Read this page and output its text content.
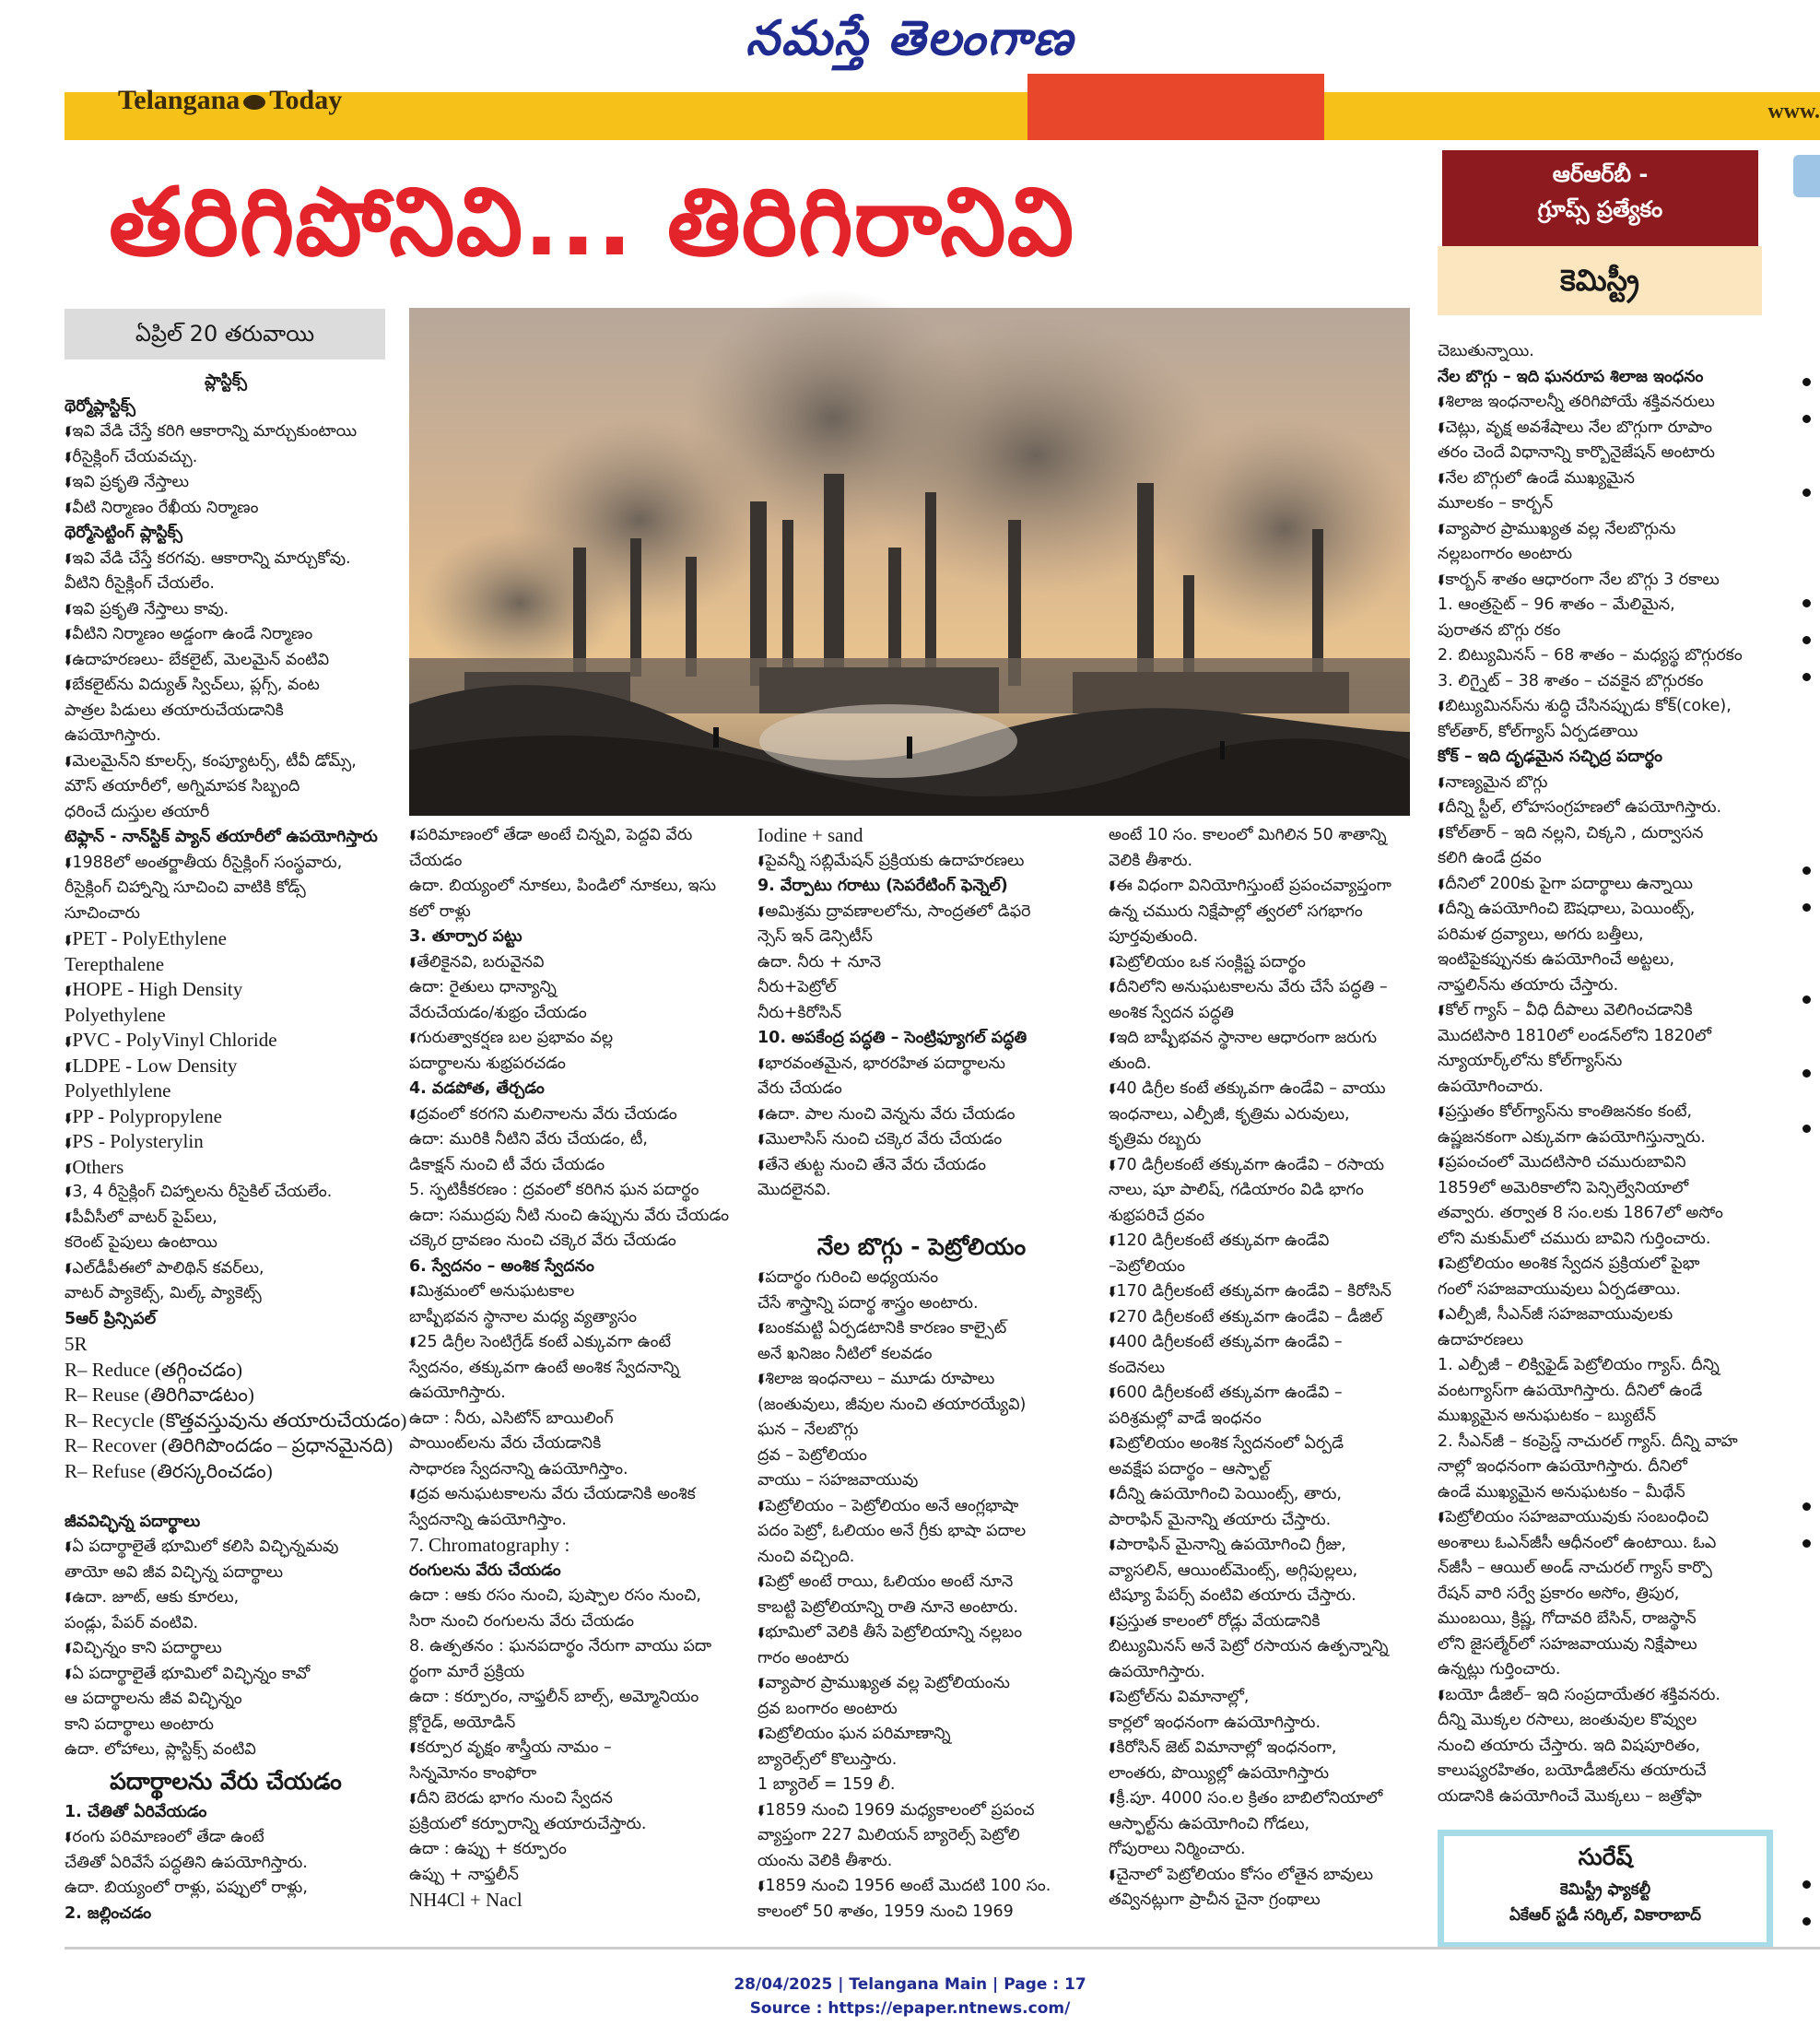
నమస్తే తెలంగాణ
Telangana Today	www.
తరిగిపోనివి... తిరిగిరానివి	ఆర్‌ఆర్‌బీ -
గ్రూప్స్ ప్రత్యేకం
కెమిస్ట్రీ
ఏప్రిల్ 20 తరువాయి
ప్లాస్టిక్స్
థెర్మోప్లాస్టిక్స్
⮮ ఇవి వేడి చేస్తే కరిగి ఆకారాన్ని మార్చుకుంటాయి
⮮ రీసైక్లింగ్ చేయవచ్చు.
⮮ ఇవి ప్రకృతి నేస్తాలు
⮮ వీటి నిర్మాణం రేఖీయ నిర్మాణం
థెర్మోసెట్టింగ్ ప్లాస్టిక్స్
⮮ ఇవి వేడి చేస్తే కరగవు. ఆకారాన్ని మార్చుకోవు.
వీటిని రీసైక్లింగ్ చేయలేం.
⮮ ఇవి ప్రకృతి నేస్తాలు కావు.
⮮ వీటిని నిర్మాణం అడ్డంగా ఉండే నిర్మాణం
⮮ ఉదాహరణలు- బేకలైట్, మెలమైన్ వంటివి
⮮ బేకలైట్‌ను విద్యుత్ స్విచ్‌లు, ప్లగ్స్, వంట
పాత్రల పిడులు తయారుచేయడానికి
ఉపయోగిస్తారు.
⮮ మెలమైన్‌ని కూలర్స్, కంప్యూటర్స్, టీవీ డోమ్స్,
మౌస్ తయారీలో, అగ్నిమాపక సిబ్బంది
ధరించే దుస్తుల తయారీ
టెఫ్లాన్ - నాన్‌స్టిక్ ప్యాన్ తయారీలో ఉపయోగిస్తారు
⮮ 1988లో అంతర్జాతీయ రీసైక్లింగ్ సంస్థవారు,
రీసైక్లింగ్ చిహ్నాన్ని సూచించి వాటికి కోడ్స్
సూచించారు
⮮ PET - PolyEthylene
Terepthalene
⮮ HOPE - High Density
Polyethylene
⮮ PVC - PolyVinyl Chloride
⮮ LDPE - Low Density
Polyethlylene
⮮ PP - Polypropylene
⮮ PS - Polysterylin
⮮ Others
⮮ 3, 4 రీసైక్లింగ్ చిహ్నాలను రీసైకిల్ చేయలేం.
⮮ పీవీసీలో వాటర్ పైప్‌లు,
కరెంట్ పైపులు ఉంటాయి
⮮ ఎల్‌డీపీఈలో పాలిథిన్ కవర్‌లు,
వాటర్ ప్యాకెట్స్, మిల్క్ ప్యాకెట్స్
5ఆర్ ప్రిన్సిపల్
5R
R– Reduce (తగ్గించడం)
R– Reuse (తిరిగివాడటం)
R– Recycle (కొత్తవస్తువును తయారుచేయడం)
R– Recover (తిరిగిపొందడం – ప్రధానమైనది)
R– Refuse (తిరస్కరించడం)
జీవవిచ్ఛిన్న పదార్థాలు
⮮ ఏ పదార్థాలైతే భూమిలో కలిసి విచ్ఛిన్నమవు
తాయో అవి జీవ విచ్ఛిన్న పదార్థాలు
⮮ ఉదా. జూట్, ఆకు కూరలు,
పండ్లు, పేపర్ వంటివి.
⮮ విచ్ఛిన్నం కాని పదార్థాలు
⮮ ఏ పదార్థాలైతే భూమిలో విచ్ఛిన్నం కావో
ఆ పదార్థాలను జీవ విచ్ఛిన్నం
కాని పదార్థాలు అంటారు
ఉదా. లోహాలు, ప్లాస్టిక్స్ వంటివి
పదార్థాలను వేరు చేయడం
1. చేతితో ఏరివేయడం
⮮ రంగు పరిమాణంలో తేడా ఉంటే
చేతితో ఏరివేసే పద్ధతిని ఉపయోగిస్తారు.
ఉదా. బియ్యంలో రాళ్లు, పప్పులో రాళ్లు,
2. జల్లించడం
⮮ పరిమాణంలో తేడా అంటే చిన్నవి, పెద్దవి వేరు
చేయడం
ఉదా. బియ్యంలో నూకలు, పిండిలో నూకలు, ఇసు
కలో రాళ్లు
3. తూర్పార పట్టు
⮮ తేలికైనవి, బరువైనవి
ఉదా: రైతులు ధాన్యాన్ని
వేరుచేయడం/శుభ్రం చేయడం
⮮ గురుత్వాకర్షణ బల ప్రభావం వల్ల
పదార్థాలను శుభ్రపరచడం
4. వడపోత, తేర్చడం
⮮ ద్రవంలో కరగని మలినాలను వేరు చేయడం
ఉదా: మురికి నీటిని వేరు చేయడం, టీ,
డికాక్షన్ నుంచి టీ వేరు చేయడం
5. స్ఫటికీకరణం : ద్రవంలో కరిగిన ఘన పదార్థం
ఉదా: సముద్రపు నీటి నుంచి ఉప్పును వేరు చేయడం
చక్కెర ద్రావణం నుంచి చక్కెర వేరు చేయడం
6. స్వేదనం – అంశిక స్వేదనం
⮮ మిశ్రమంలో అనుఘటకాల
బాష్పీభవన స్థానాల మధ్య వ్యత్యాసం
⮮ 25 డిగ్రీల సెంటిగ్రేడ్ కంటే ఎక్కువగా ఉంటే
స్వేదనం, తక్కువగా ఉంటే అంశిక స్వేదనాన్ని
ఉపయోగిస్తారు.
ఉదా : నీరు, ఎసిటోన్ బాయిలింగ్
పాయింట్‌లను వేరు చేయడానికి
సాధారణ స్వేదనాన్ని ఉపయోగిస్తాం.
⮮ ద్రవ అనుఘటకాలను వేరు చేయడానికి అంశిక
స్వేదనాన్ని ఉపయోగిస్తాం.
7. Chromatography :
రంగులను వేరు చేయడం
ఉదా : ఆకు రసం నుంచి, పుష్పాల రసం నుంచి,
సిరా నుంచి రంగులను వేరు చేయడం
8. ఉత్పతనం : ఘనపదార్థం నేరుగా వాయు పదా
ర్థంగా మారే ప్రక్రియ
ఉదా : కర్పూరం, నాఫ్తలీన్ బాల్స్, అమ్మోనియం
క్లోరైడ్, అయోడిన్
⮮ కర్పూర వృక్షం శాస్త్రీయ నామం –
సిన్నమోనం కాంఫోరా
⮮ దీని బెరడు భాగం నుంచి స్వేదన
ప్రక్రియలో కర్పూరాన్ని తయారుచేస్తారు.
ఉదా : ఉప్పు + కర్పూరం
ఉప్పు + నాఫ్తలీన్
NH4Cl + Nacl
Iodine + sand
⮮ పైవన్నీ సబ్లిమేషన్ ప్రక్రియకు ఉదాహరణలు
9. వేర్పాటు గరాటు (సెపరేటింగ్ ఫెన్నెల్)
⮮ అమిశ్రమ ద్రావణాలలోను, సాంద్రతలో డిఫరె
న్సెస్ ఇన్ డెన్సిటీస్
ఉదా. నీరు + నూనె
నీరు+పెట్రోల్
నీరు+కిరోసిన్
10. అపకేంద్ర పద్ధతి – సెంట్రిఫ్యూగల్ పద్ధతి
⮮ భారవంతమైన, భారరహిత పదార్థాలను
వేరు చేయడం
⮮ ఉదా. పాల నుంచి వెన్నను వేరు చేయడం
⮮ మొలాసిస్ నుంచి చక్కెర వేరు చేయడం
⮮ తేనె తుట్ట నుంచి తేనె వేరు చేయడం
మొదలైనవి.
నేల బొగ్గు - పెట్రోలియం
⮮ పదార్థం గురించి అధ్యయనం
చేసే శాస్త్రాన్ని పదార్థ శాస్త్రం అంటారు.
⮮ బంకమట్టి ఏర్పడటానికి కారణం కాల్సైట్
అనే ఖనిజం నీటిలో కలవడం
⮮ శిలాజ ఇంధనాలు – మూడు రూపాలు
(జంతువులు, జీవుల నుంచి తయారయ్యేవి)
ఘన – నేలబొగ్గు
ద్రవ – పెట్రోలియం
వాయు – సహజవాయువు
⮮ పెట్రోలియం – పెట్రోలియం అనే ఆంగ్లభాషా
పదం పెట్రో, ఓలియం అనే గ్రీకు భాషా పదాల
నుంచి వచ్చింది.
⮮ పెట్రో అంటే రాయి, ఓలియం అంటే నూనె
కాబట్టి పెట్రోలియాన్ని రాతి నూనె అంటారు.
⮮ భూమిలో వెలికి తీసే పెట్రోలియాన్ని నల్లబం
గారం అంటారు
⮮ వ్యాపార ప్రాముఖ్యత వల్ల పెట్రోలియంను
ద్రవ బంగారం అంటారు
⮮ పెట్రోలియం ఘన పరిమాణాన్ని
బ్యారెల్స్‌లో కొలుస్తారు.
1 బ్యారెల్ = 159 లీ.
⮮ 1859 నుంచి 1969 మధ్యకాలంలో ప్రపంచ
వ్యాప్తంగా 227 మిలియన్ బ్యారెల్స్ పెట్రోలి
యంను వెలికి తీశారు.
⮮ 1859 నుంచి 1956 అంటే మొదటి 100 సం.
కాలంలో 50 శాతం, 1959 నుంచి 1969
అంటే 10 సం. కాలంలో మిగిలిన 50 శాతాన్ని
వెలికి తీశారు.
⮮ ఈ విధంగా వినియోగిస్తుంటే ప్రపంచవ్యాప్తంగా
ఉన్న చమురు నిక్షేపాల్లో త్వరలో సగభాగం
పూర్తవుతుంది.
⮮ పెట్రోలియం ఒక సంక్లిష్ట పదార్థం
⮮ దీనిలోని అనుఘటకాలను వేరు చేసే పద్ధతి –
అంశిక స్వేదన పద్ధతి
⮮ ఇది బాష్పీభవన స్థానాల ఆధారంగా జరుగు
తుంది.
⮮ 40 డిగ్రీల కంటే తక్కువగా ఉండేవి – వాయు
ఇంధనాలు, ఎల్పీజీ, కృత్రిమ ఎరువులు,
కృత్రిమ రబ్బరు
⮮ 70 డిగ్రీలకంటే తక్కువగా ఉండేవి – రసాయ
నాలు, షూ పాలిష్, గడియారం విడి భాగం
శుభ్రపరిచే ద్రవం
⮮ 120 డిగ్రీలకంటే తక్కువగా ఉండేవి
–పెట్రోలియం
⮮ 170 డిగ్రీలకంటే తక్కువగా ఉండేవి – కిరోసిన్
⮮ 270 డిగ్రీలకంటే తక్కువగా ఉండేవి – డీజిల్
⮮ 400 డిగ్రీలకంటే తక్కువగా ఉండేవి –
కందెనలు
⮮ 600 డిగ్రీలకంటే తక్కువగా ఉండేవి –
పరిశ్రమల్లో వాడే ఇంధనం
⮮ పెట్రోలియం అంశిక స్వేదనంలో ఏర్పడే
అవక్షేప పదార్థం – ఆస్ఫాల్ట్
⮮ దీన్ని ఉపయోగించి పెయింట్స్, తారు,
పారాఫిన్ మైనాన్ని తయారు చేస్తారు.
⮮ పారాఫిన్ మైనాన్ని ఉపయోగించి గ్రీజు,
వ్యాసలిన్, ఆయింట్‌మెంట్స్, అగ్గిపుల్లలు,
టిష్యూ పేపర్స్ వంటివి తయారు చేస్తారు.
⮮ ప్రస్తుత కాలంలో రోడ్లు వేయడానికి
బిట్యుమినస్ అనే పెట్రో రసాయన ఉత్పన్నాన్ని
ఉపయోగిస్తారు.
⮮ పెట్రోల్‌ను విమానాల్లో,
కార్లలో ఇంధనంగా ఉపయోగిస్తారు.
⮮ కిరోసిన్ జెట్ విమానాల్లో ఇంధనంగా,
లాంతరు, పొయ్యిల్లో ఉపయోగిస్తారు
⮮ క్రీ.పూ. 4000 సం.ల క్రితం బాబిలోనియాలో
ఆస్ఫాల్ట్‌ను ఉపయోగించి గోడలు,
గోపురాలు నిర్మించారు.
⮮ చైనాలో పెట్రోలియం కోసం లోతైన బావులు
తవ్వినట్లుగా ప్రాచీన చైనా గ్రంథాలు
చెబుతున్నాయి.
నేల బొగ్గు – ఇది ఘనరూప శిలాజ ఇంధనం
⮮ శిలాజ ఇంధనాలన్నీ తరిగిపోయే శక్తివనరులు
⮮ చెట్లు, వృక్ష అవశేషాలు నేల బొగ్గుగా రూపాం
తరం చెందే విధానాన్ని కార్బొనైజేషన్ అంటారు
⮮ నేల బొగ్గులో ఉండే ముఖ్యమైన
మూలకం – కార్బన్
⮮ వ్యాపార ప్రాముఖ్యత వల్ల నేలబొగ్గును
నల్లబంగారం అంటారు
⮮ కార్బన్ శాతం ఆధారంగా నేల బొగ్గు 3 రకాలు
1. ఆంత్రసైట్ – 96 శాతం – మేలిమైన,
పురాతన బొగ్గు రకం
2. బిట్యుమినస్ – 68 శాతం – మధ్యస్థ బొగ్గురకం
3. లిగ్నైట్ – 38 శాతం – చవకైన బొగ్గురకం
⮮ బిట్యుమినస్‌ను శుద్ధి చేసినప్పుడు కోక్(coke),
కోల్‌తార్, కోల్‌గ్యాస్ ఏర్పడతాయి
కోక్ – ఇది దృఢమైన సచ్ఛిద్ర పదార్థం
⮮ నాణ్యమైన బొగ్గు
⮮ దీన్ని స్టీల్, లోహసంగ్రహణలో ఉపయోగిస్తారు.
⮮ కోల్‌తార్ – ఇది నల్లని, చిక్కని , దుర్వాసన
కలిగి ఉండే ద్రవం
⮮ దీనిలో 200కు పైగా పదార్థాలు ఉన్నాయి
⮮ దీన్ని ఉపయోగించి ఔషధాలు, పెయింట్స్,
పరిమళ ద్రవ్యాలు, అగరు బత్తీలు,
ఇంటిపైకప్పునకు ఉపయోగించే అట్టలు,
నాఫ్తలిన్‌ను తయారు చేస్తారు.
⮮ కోల్ గ్యాస్ – వీధి దీపాలు వెలిగించడానికి
మొదటిసారి 1810లో లండన్‌లోని 1820లో
న్యూయార్క్‌లోను కోల్‌గ్యాస్‌ను
ఉపయోగించారు.
⮮ ప్రస్తుతం కోల్‌గ్యాస్‌ను కాంతిజనకం కంటే,
ఉష్ణజనకంగా ఎక్కువగా ఉపయోగిస్తున్నారు.
⮮ ప్రపంచంలో మొదటిసారి చమురుబావిని
1859లో అమెరికాలోని పెన్సిల్వేనియాలో
తవ్వారు. తర్వాత 8 సం.లకు 1867లో అసోం
లోని మకుమ్‌లో చమురు బావిని గుర్తించారు.
⮮ పెట్రోలియం అంశిక స్వేదన ప్రక్రియలో పైభా
గంలో సహజవాయువులు ఏర్పడతాయి.
⮮ ఎల్పీజీ, సీఎన్‌జీ సహజవాయువులకు
ఉదాహరణలు
1. ఎల్పీజీ – లిక్విఫైడ్ పెట్రోలియం గ్యాస్. దీన్ని
వంటగ్యాస్‌గా ఉపయోగిస్తారు. దీనిలో ఉండే
ముఖ్యమైన అనుఘటకం – బ్యుటేన్
2. సీఎన్‌జీ – కంప్రెస్డ్ నాచురల్ గ్యాస్. దీన్ని వాహ
నాల్లో ఇంధనంగా ఉపయోగిస్తారు. దీనిలో
ఉండే ముఖ్యమైన అనుఘటకం – మీథేన్
⮮ పెట్రోలియం సహజవాయువుకు సంబంధించి
అంశాలు ఓఎన్‌జీసీ ఆధీనంలో ఉంటాయి. ఓఎ
న్‌జీసీ – ఆయిల్ అండ్ నాచురల్ గ్యాస్ కార్పొ
రేషన్ వారి సర్వే ప్రకారం అసోం, త్రిపుర,
ముంబయి, క్రిష్ణ, గోదావరి బేసిన్, రాజస్థాన్
లోని జైసల్మేర్‌లో సహజవాయువు నిక్షేపాలు
ఉన్నట్లు గుర్తించారు.
⮮ బయో డీజిల్– ఇది సంప్రదాయేతర శక్తివనరు.
దీన్ని మొక్కల రసాలు, జంతువుల కొవ్వుల
నుంచి తయారు చేస్తారు. ఇది విషపూరితం,
కాలుష్యరహితం, బయోడీజిల్‌ను తయారుచే
యడానికి ఉపయోగించే మొక్కలు – జత్రోఫా
సురేష్
కెమిస్ట్రీ ఫ్యాకల్టీ
ఏకేఆర్ స్టడీ సర్కిల్, వికారాబాద్
28/04/2025 | Telangana Main | Page : 17
Source : https://epaper.ntnews.com/
